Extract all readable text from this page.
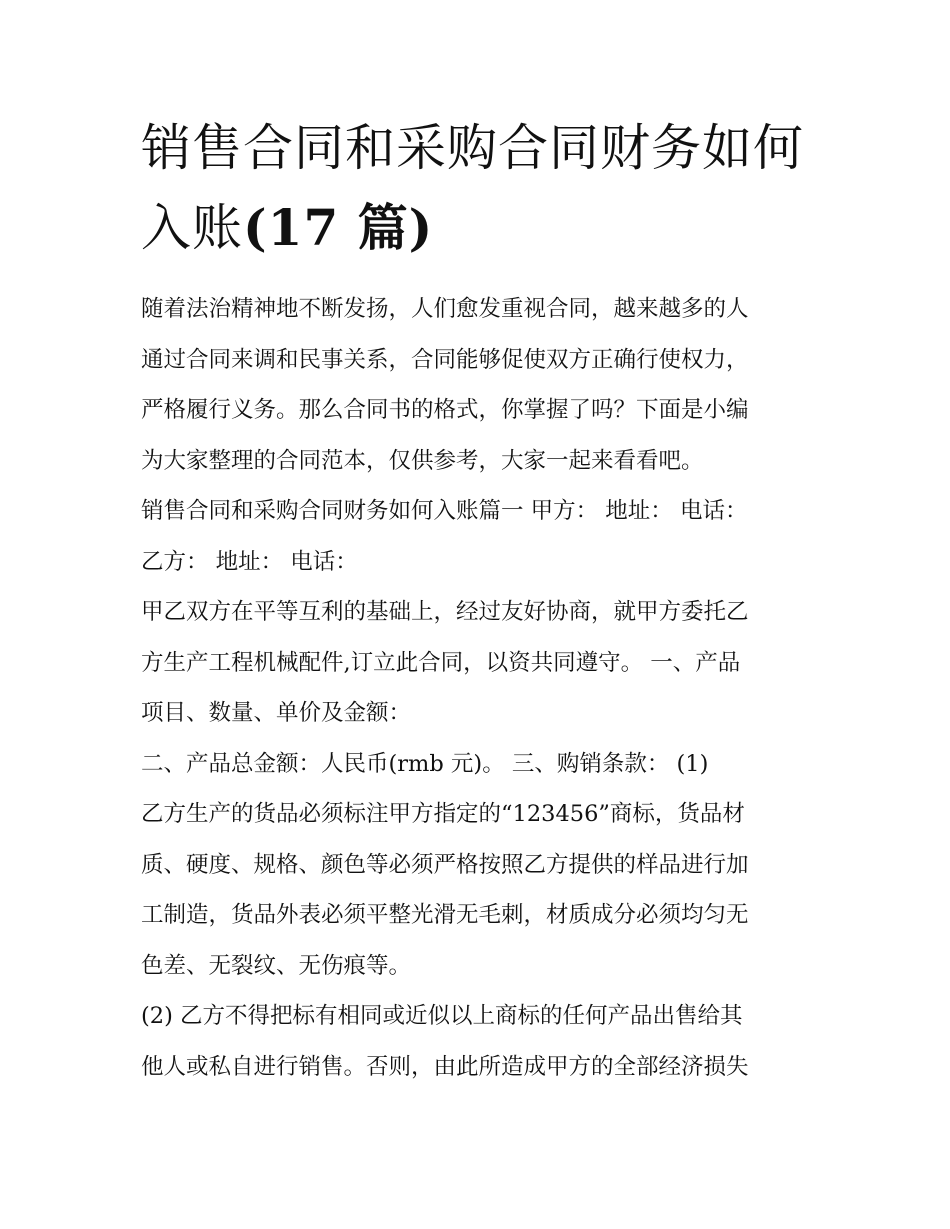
销售合同和采购合同财务如何
入账(17 篇)
随着法治精神地不断发扬，人们愈发重视合同，越来越多的人
通过合同来调和民事关系，合同能够促使双方正确行使权力，
严格履行义务。那么合同书的格式，你掌握了吗？下面是小编
为大家整理的合同范本，仅供参考，大家一起来看看吧。
销售合同和采购合同财务如何入账篇一 甲方： 地址： 电话：
乙方： 地址： 电话：
甲乙双方在平等互利的基础上，经过友好协商，就甲方委托乙
方生产工程机械配件,订立此合同，以资共同遵守。 一、产品
项目、数量、单价及金额：
二、产品总金额：人民币(rmb 元)。 三、购销条款： (1)
乙方生产的货品必须标注甲方指定的“123456”商标，货品材
质、硬度、规格、颜色等必须严格按照乙方提供的样品进行加
工制造，货品外表必须平整光滑无毛刺，材质成分必须均匀无
色差、无裂纹、无伤痕等。
(2) 乙方不得把标有相同或近似以上商标的任何产品出售给其
他人或私自进行销售。否则，由此所造成甲方的全部经济损失
